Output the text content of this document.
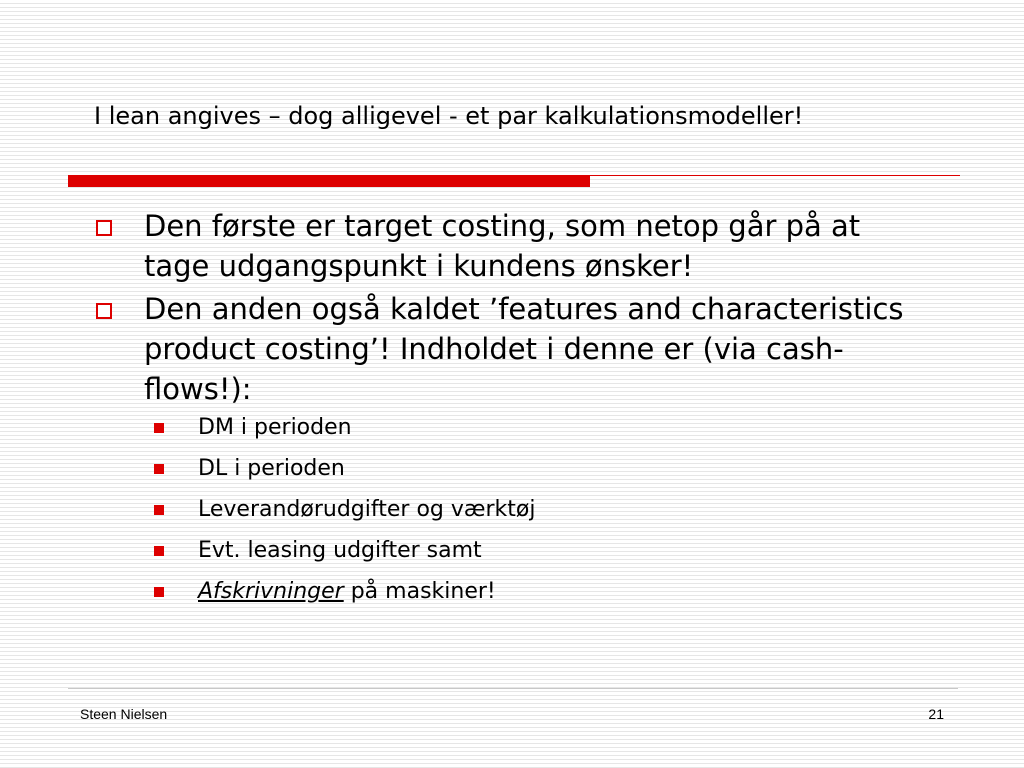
I lean angives – dog alligevel - et par kalkulationsmodeller!
Den første er target costing, som netop går på at tage udgangspunkt i kundens ønsker!
Den anden også kaldet ’features and characteristics product costing’! Indholdet i denne er (via cash-flows!):
DM i perioden
DL i perioden
Leverandørudgifter og værktøj
Evt. leasing udgifter samt
Afskrivninger på maskiner!
Steen Nielsen	21
